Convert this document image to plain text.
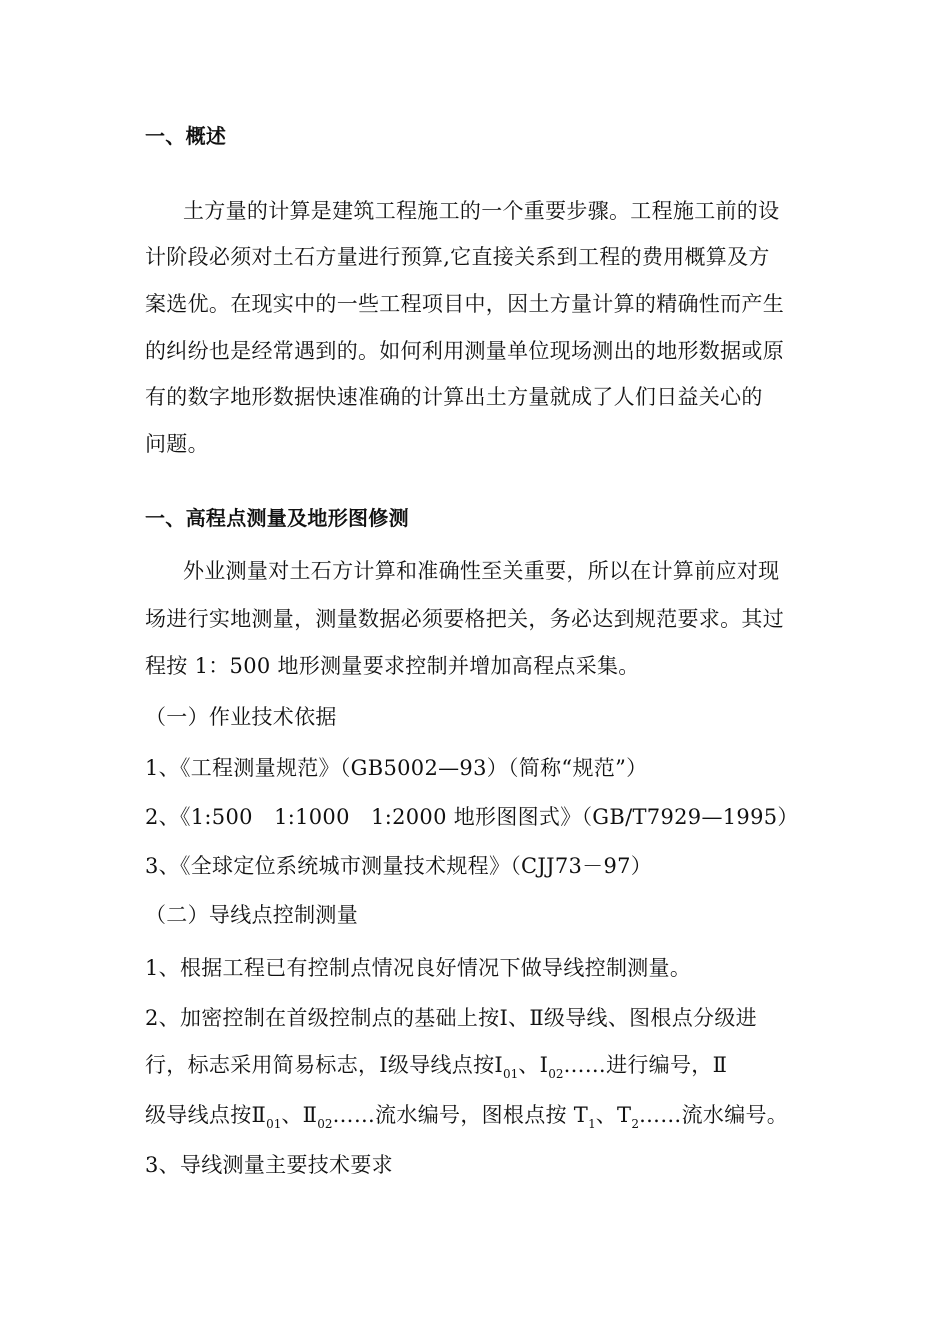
一、概述
土方量的计算是建筑工程施工的一个重要步骤。工程施工前的设
计阶段必须对土石方量进行预算,它直接关系到工程的费用概算及方
案选优。在现实中的一些工程项目中，因土方量计算的精确性而产生
的纠纷也是经常遇到的。如何利用测量单位现场测出的地形数据或原
有的数字地形数据快速准确的计算出土方量就成了人们日益关心的
问题。
一、高程点测量及地形图修测
外业测量对土石方计算和准确性至关重要，所以在计算前应对现
场进行实地测量，测量数据必须要格把关，务必达到规范要求。其过
程按 1：500 地形测量要求控制并增加高程点采集。
（一）作业技术依据
1、《工程测量规范》（GB5002—93）（简称“规范”）
2、《1:500　1:1000　1:2000 地形图图式》（GB/T7929—1995）
3、《全球定位系统城市测量技术规程》（CJJ73－97）
（二）导线点控制测量
1、根据工程已有控制点情况良好情况下做导线控制测量。
2、加密控制在首级控制点的基础上按Ⅰ、Ⅱ级导线、图根点分级进
行，标志采用简易标志，Ⅰ级导线点按$Ⅰ_{01}$、$Ⅰ_{02}\dots\dots$进行编号，Ⅱ
级导线点按$Ⅱ_{01}$、$Ⅱ_{02}\dots\dots$流水编号，图根点按 $T_1$、$T_2\dots\dots$流水编号。
3、导线测量主要技术要求
